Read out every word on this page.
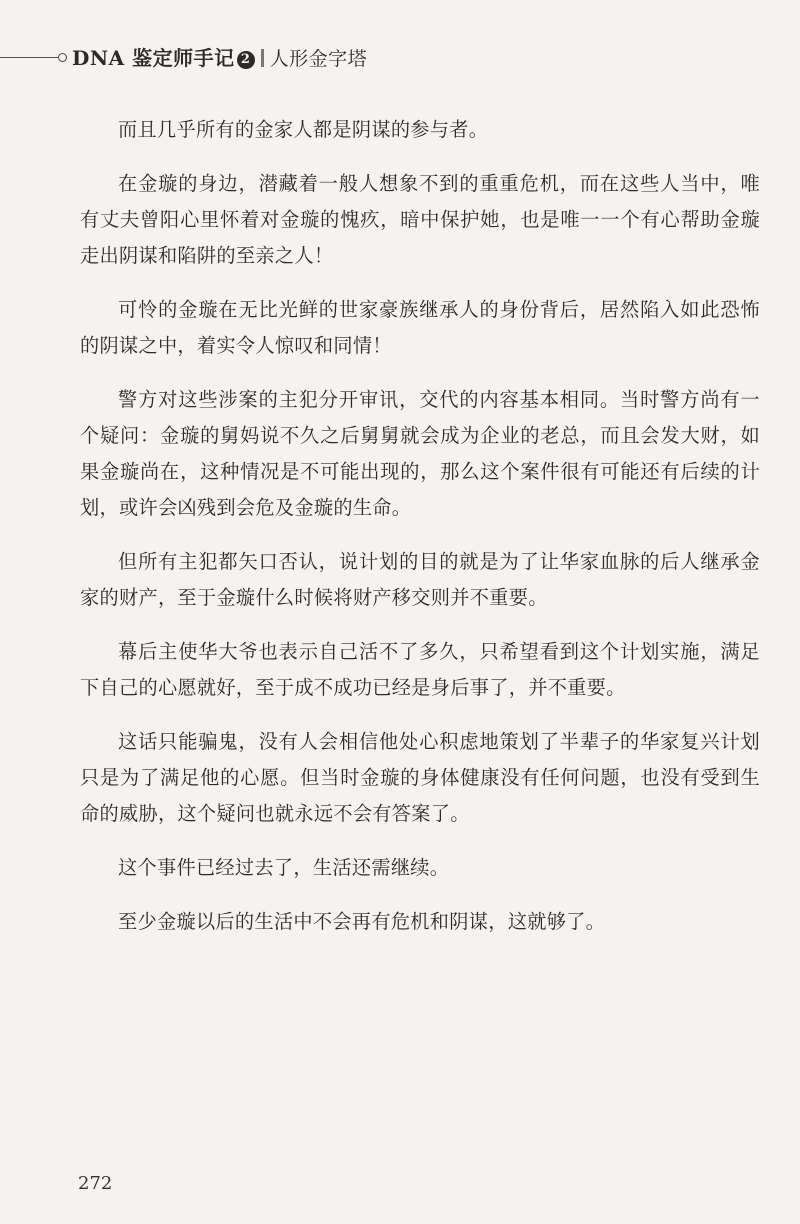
DNA 鉴定师手记 2 人形金字塔

而且几乎所有的金家人都是阴谋的参与者。

在金璇的身边，潜藏着一般人想象不到的重重危机，而在这些人当中，唯有丈夫曾阳心里怀着对金璇的愧疚，暗中保护她，也是唯一一个有心帮助金璇走出阴谋和陷阱的至亲之人！

可怜的金璇在无比光鲜的世家豪族继承人的身份背后，居然陷入如此恐怖的阴谋之中，着实令人惊叹和同情！

警方对这些涉案的主犯分开审讯，交代的内容基本相同。当时警方尚有一个疑问：金璇的舅妈说不久之后舅舅就会成为企业的老总，而且会发大财，如果金璇尚在，这种情况是不可能出现的，那么这个案件很有可能还有后续的计划，或许会凶残到会危及金璇的生命。

但所有主犯都矢口否认，说计划的目的就是为了让华家血脉的后人继承金家的财产，至于金璇什么时候将财产移交则并不重要。

幕后主使华大爷也表示自己活不了多久，只希望看到这个计划实施，满足下自己的心愿就好，至于成不成功已经是身后事了，并不重要。

这话只能骗鬼，没有人会相信他处心积虑地策划了半辈子的华家复兴计划只是为了满足他的心愿。但当时金璇的身体健康没有任何问题，也没有受到生命的威胁，这个疑问也就永远不会有答案了。

这个事件已经过去了，生活还需继续。

至少金璇以后的生活中不会再有危机和阴谋，这就够了。

272
